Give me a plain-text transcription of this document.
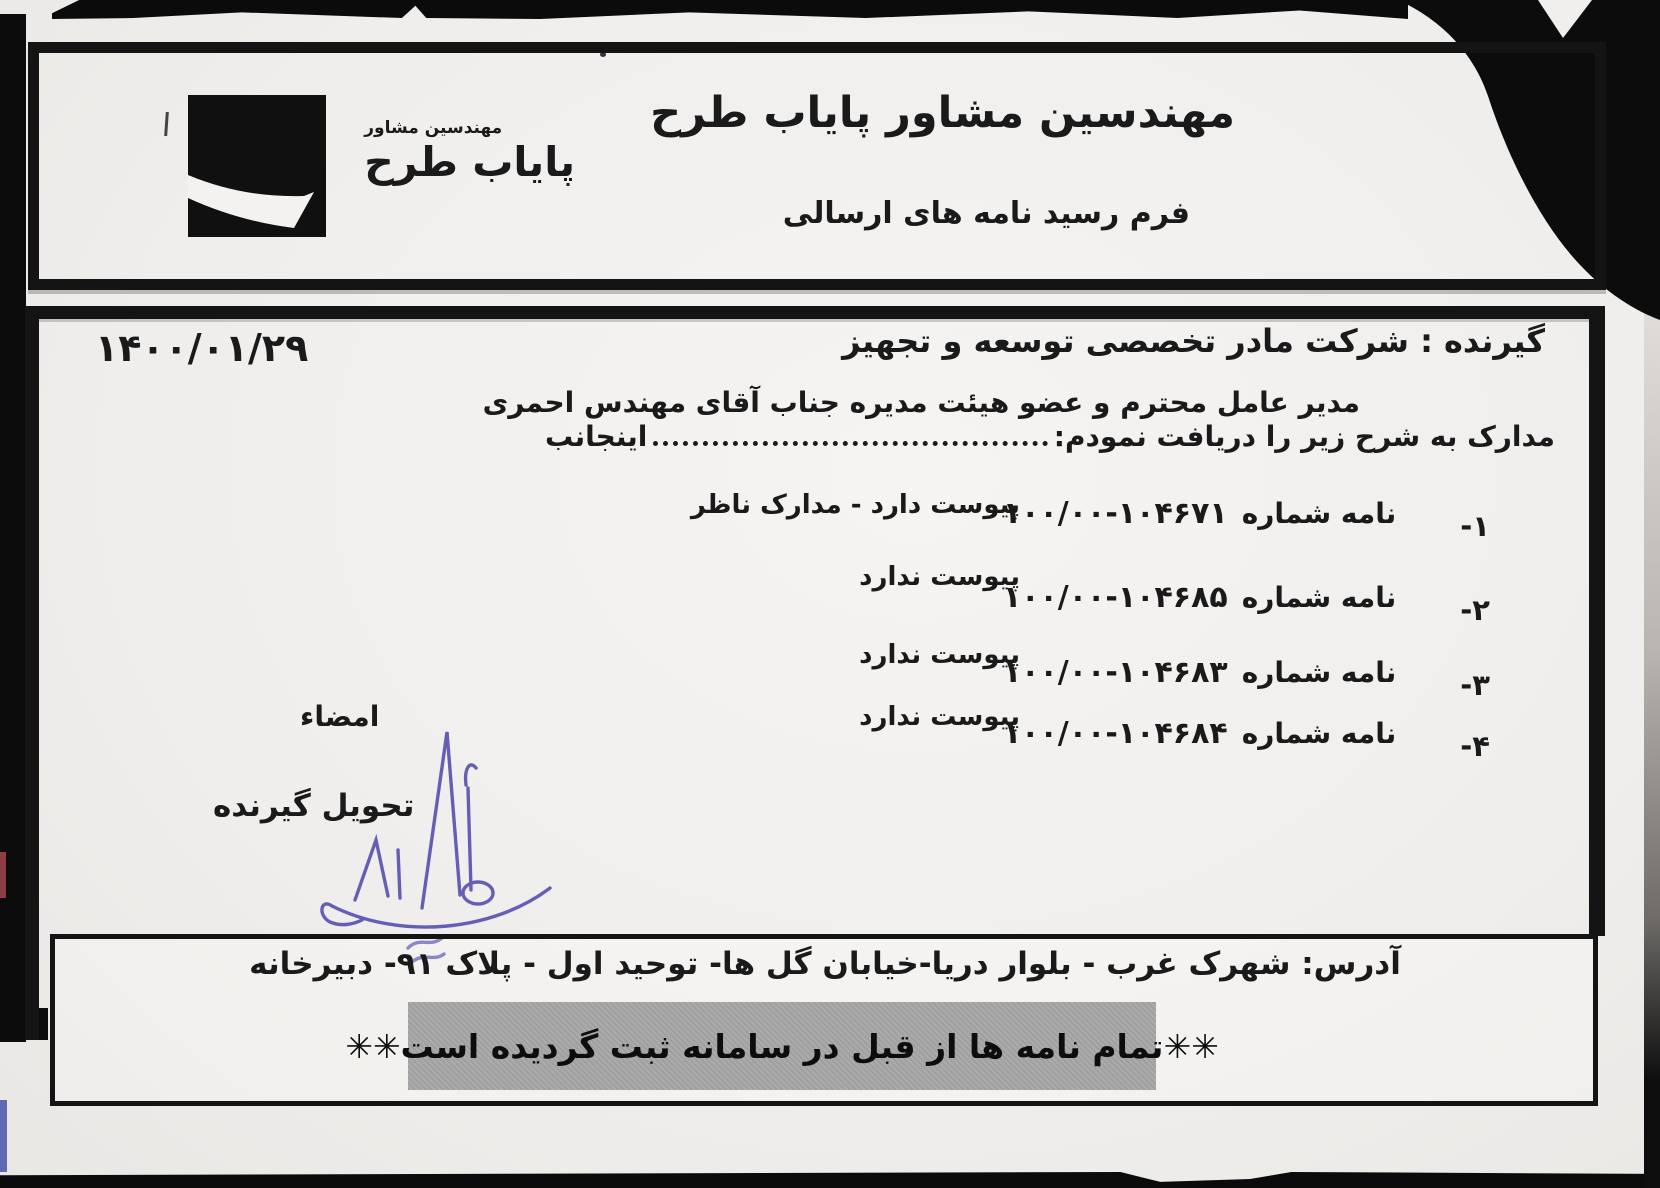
مهندسین مشاور
پایاب طرح
مهندسین مشاور پایاب طرح
فرم رسید نامه های ارسالی
۱۴۰۰/۰۱/۲۹	گیرنده : شرکت مادر تخصصی توسعه و تجهیز
مدیر عامل محترم و عضو هیئت مدیره جناب آقای مهندس احمری
اینجانب	مدارک به شرح زیر را دریافت نمودم:
-۱
نامه شماره
۱۰۰/۰۰-۱۰۴۶۷۱
پیوست دارد - مدارک ناظر
-۲
نامه شماره
۱۰۰/۰۰-۱۰۴۶۸۵
پیوست ندارد
-۳
نامه شماره
۱۰۰/۰۰-۱۰۴۶۸۳
پیوست ندارد
-۴
نامه شماره
۱۰۰/۰۰-۱۰۴۶۸۴
پیوست ندارد
امضاء
تحویل گیرنده
آدرس: شهرک غرب - بلوار دریا-خیابان گل ها- توحید اول - پلاک ۹۱- دبیرخانه
✳✳تمام نامه ها از قبل در سامانه ثبت گردیده است✳✳
